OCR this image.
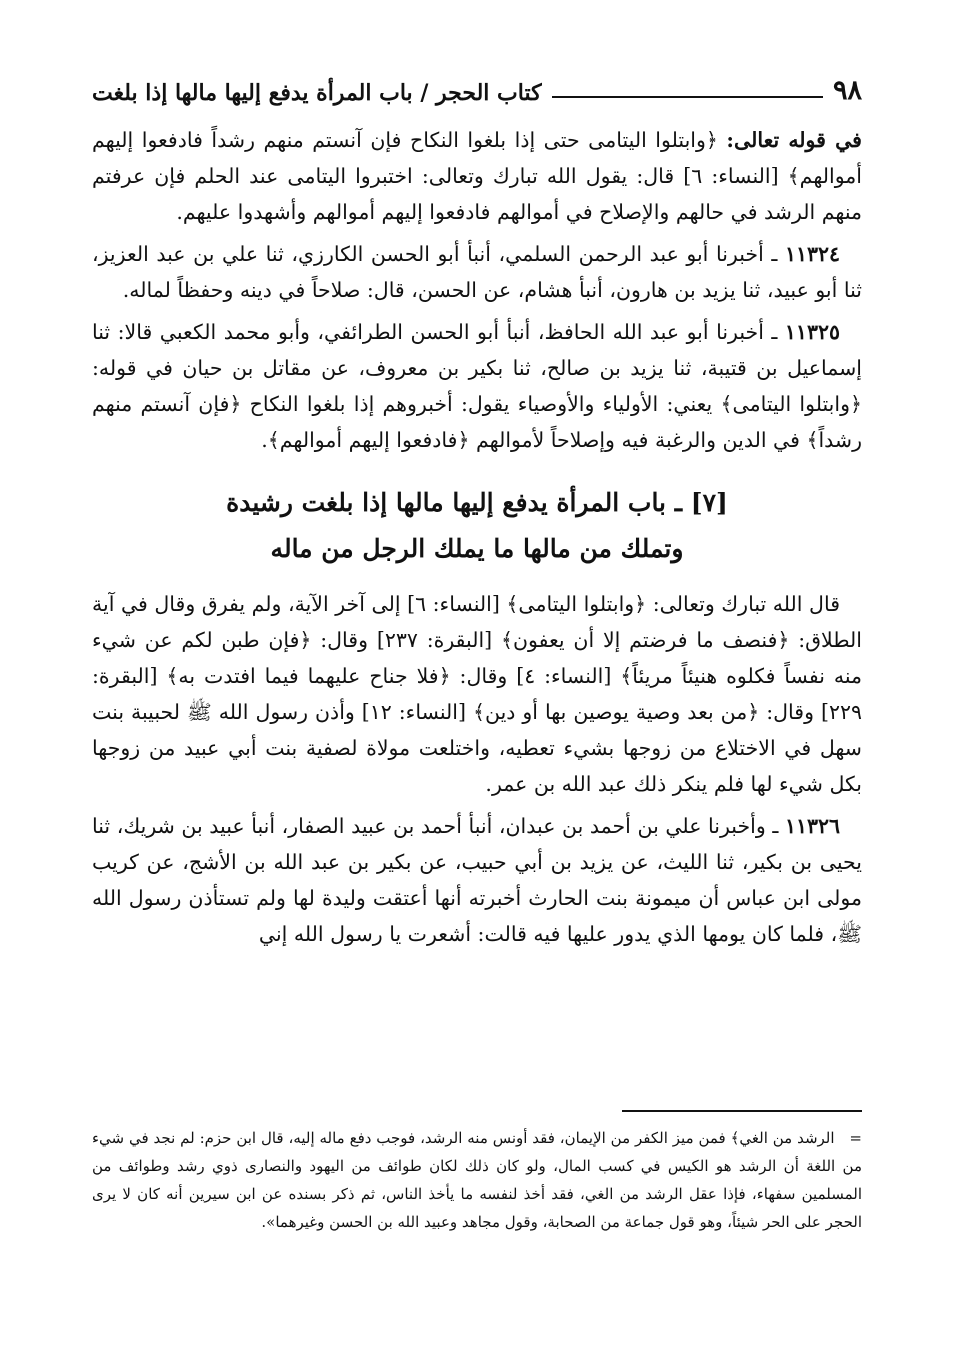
٩٨
كتاب الحجر / باب المرأة يدفع إليها مالها إذا بلغت

في قوله تعالى: ﴿وابتلوا اليتامى حتى إذا بلغوا النكاح فإن آنستم منهم رشداً فادفعوا إليهم أموالهم﴾ [النساء: ٦] قال: يقول الله تبارك وتعالى: اختبروا اليتامى عند الحلم فإن عرفتم منهم الرشد في حالهم والإصلاح في أموالهم فادفعوا إليهم أموالهم وأشهدوا عليهم.

١١٣٢٤ ـ أخبرنا أبو عبد الرحمن السلمي، أنبأ أبو الحسن الكارزي، ثنا علي بن عبد العزيز، ثنا أبو عبيد، ثنا يزيد بن هارون، أنبأ هشام، عن الحسن، قال: صلاحاً في دينه وحفظاً لماله.

١١٣٢٥ ـ أخبرنا أبو عبد الله الحافظ، أنبأ أبو الحسن الطرائفي، وأبو محمد الكعبي قالا: ثنا إسماعيل بن قتيبة، ثنا يزيد بن صالح، ثنا بكير بن معروف، عن مقاتل بن حيان في قوله: ﴿وابتلوا اليتامى﴾ يعني: الأولياء والأوصياء يقول: أخبروهم إذا بلغوا النكاح ﴿فإن آنستم منهم رشداً﴾ في الدين والرغبة فيه وإصلاحاً لأموالهم ﴿فادفعوا إليهم أموالهم﴾.

[٧] ـ باب المرأة يدفع إليها مالها إذا بلغت رشيدة
وتملك من مالها ما يملك الرجل من ماله

قال الله تبارك وتعالى: ﴿وابتلوا اليتامى﴾ [النساء: ٦] إلى آخر الآية، ولم يفرق وقال في آية الطلاق: ﴿فنصف ما فرضتم إلا أن يعفون﴾ [البقرة: ٢٣٧] وقال: ﴿فإن طبن لكم عن شيء منه نفساً فكلوه هنيئاً مريئاً﴾ [النساء: ٤] وقال: ﴿فلا جناح عليهما فيما افتدت به﴾ [البقرة: ٢٢٩] وقال: ﴿من بعد وصية يوصين بها أو دين﴾ [النساء: ١٢] وأذن رسول الله ﷺ لحبيبة بنت سهل في الاختلاع من زوجها بشيء تعطيه، واختلعت مولاة لصفية بنت أبي عبيد من زوجها بكل شيء لها فلم ينكر ذلك عبد الله بن عمر.

١١٣٢٦ ـ وأخبرنا علي بن أحمد بن عبدان، أنبأ أحمد بن عبيد الصفار، أنبأ عبيد بن شريك، ثنا يحيى بن بكير، ثنا الليث، عن يزيد بن أبي حبيب، عن بكير بن عبد الله بن الأشج، عن كريب مولى ابن عباس أن ميمونة بنت الحارث أخبرته أنها أعتقت وليدة لها ولم تستأذن رسول الله ﷺ، فلما كان يومها الذي يدور عليها فيه قالت: أشعرت يا رسول الله إني

= الرشد من الغي﴾ فمن ميز الكفر من الإيمان، فقد أونس منه الرشد، فوجب دفع ماله إليه، قال ابن حزم: لم نجد في شيء من اللغة أن الرشد هو الكيس في كسب المال، ولو كان ذلك لكان طوائف من اليهود والنصارى ذوي رشد وطوائف من المسلمين سفهاء، فإذا عقل الرشد من الغي، فقد أخذ لنفسه ما يأخذ الناس، ثم ذكر بسنده عن ابن سيرين أنه كان لا يرى الحجر على الحر شيئاً، وهو قول جماعة من الصحابة، وقول مجاهد وعبيد الله بن الحسن وغيرهما».
